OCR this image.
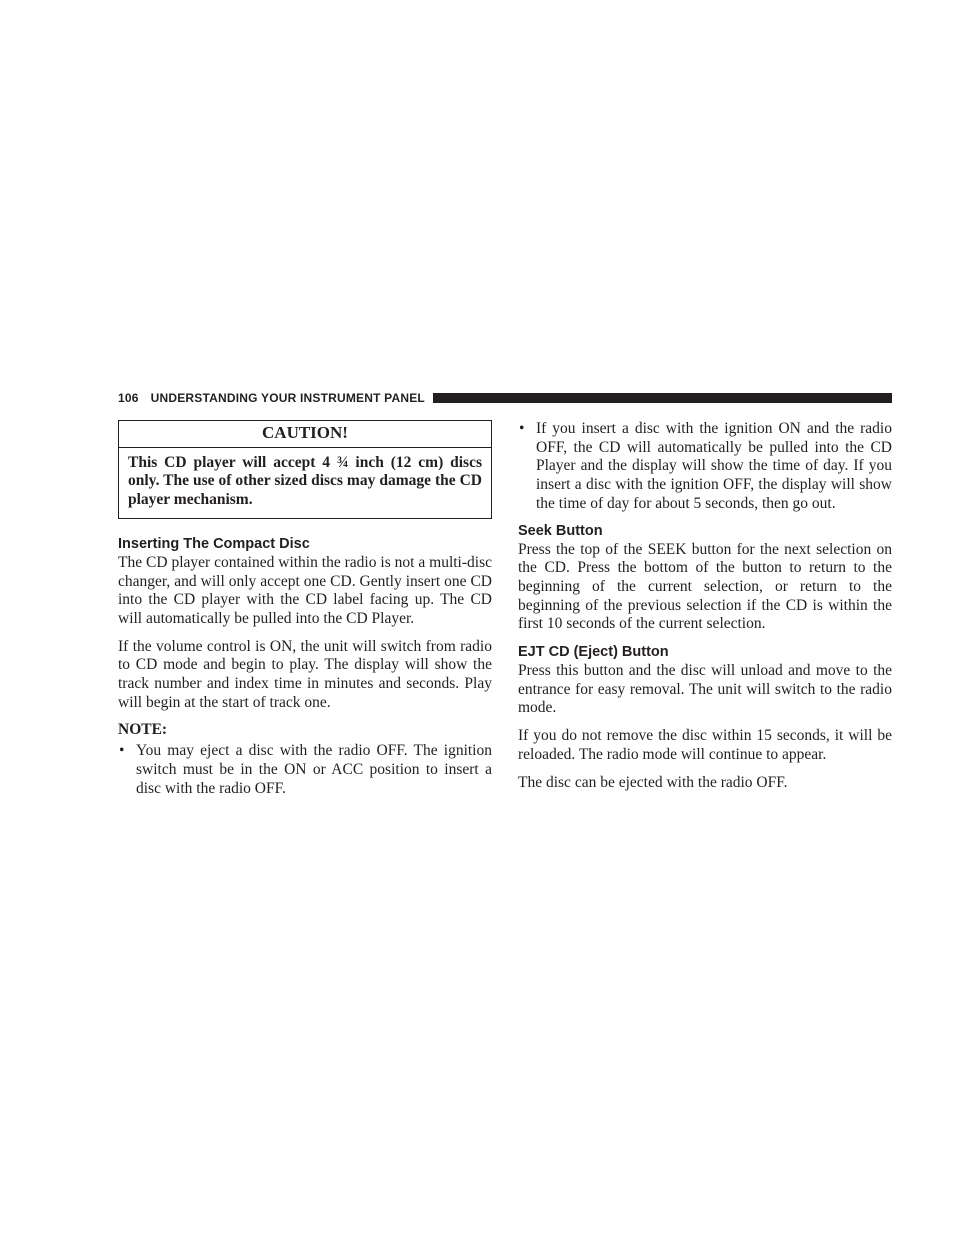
106 UNDERSTANDING YOUR INSTRUMENT PANEL
CAUTION!
This CD player will accept 4 ¾ inch (12 cm) discs only. The use of other sized discs may damage the CD player mechanism.
Inserting The Compact Disc

The CD player contained within the radio is not a multi-disc changer, and will only accept one CD. Gently insert one CD into the CD player with the CD label facing up. The CD will automatically be pulled into the CD Player.

If the volume control is ON, the unit will switch from radio to CD mode and begin to play. The display will show the track number and index time in minutes and seconds. Play will begin at the start of track one.

NOTE:

• You may eject a disc with the radio OFF. The ignition switch must be in the ON or ACC position to insert a disc with the radio OFF.
• If you insert a disc with the ignition ON and the radio OFF, the CD will automatically be pulled into the CD Player and the display will show the time of day. If you insert a disc with the ignition OFF, the display will show the time of day for about 5 seconds, then go out.
Seek Button

Press the top of the SEEK button for the next selection on the CD. Press the bottom of the button to return to the beginning of the current selection, or return to the beginning of the previous selection if the CD is within the first 10 seconds of the current selection.

EJT CD (Eject) Button

Press this button and the disc will unload and move to the entrance for easy removal. The unit will switch to the radio mode.

If you do not remove the disc within 15 seconds, it will be reloaded. The radio mode will continue to appear.

The disc can be ejected with the radio OFF.
